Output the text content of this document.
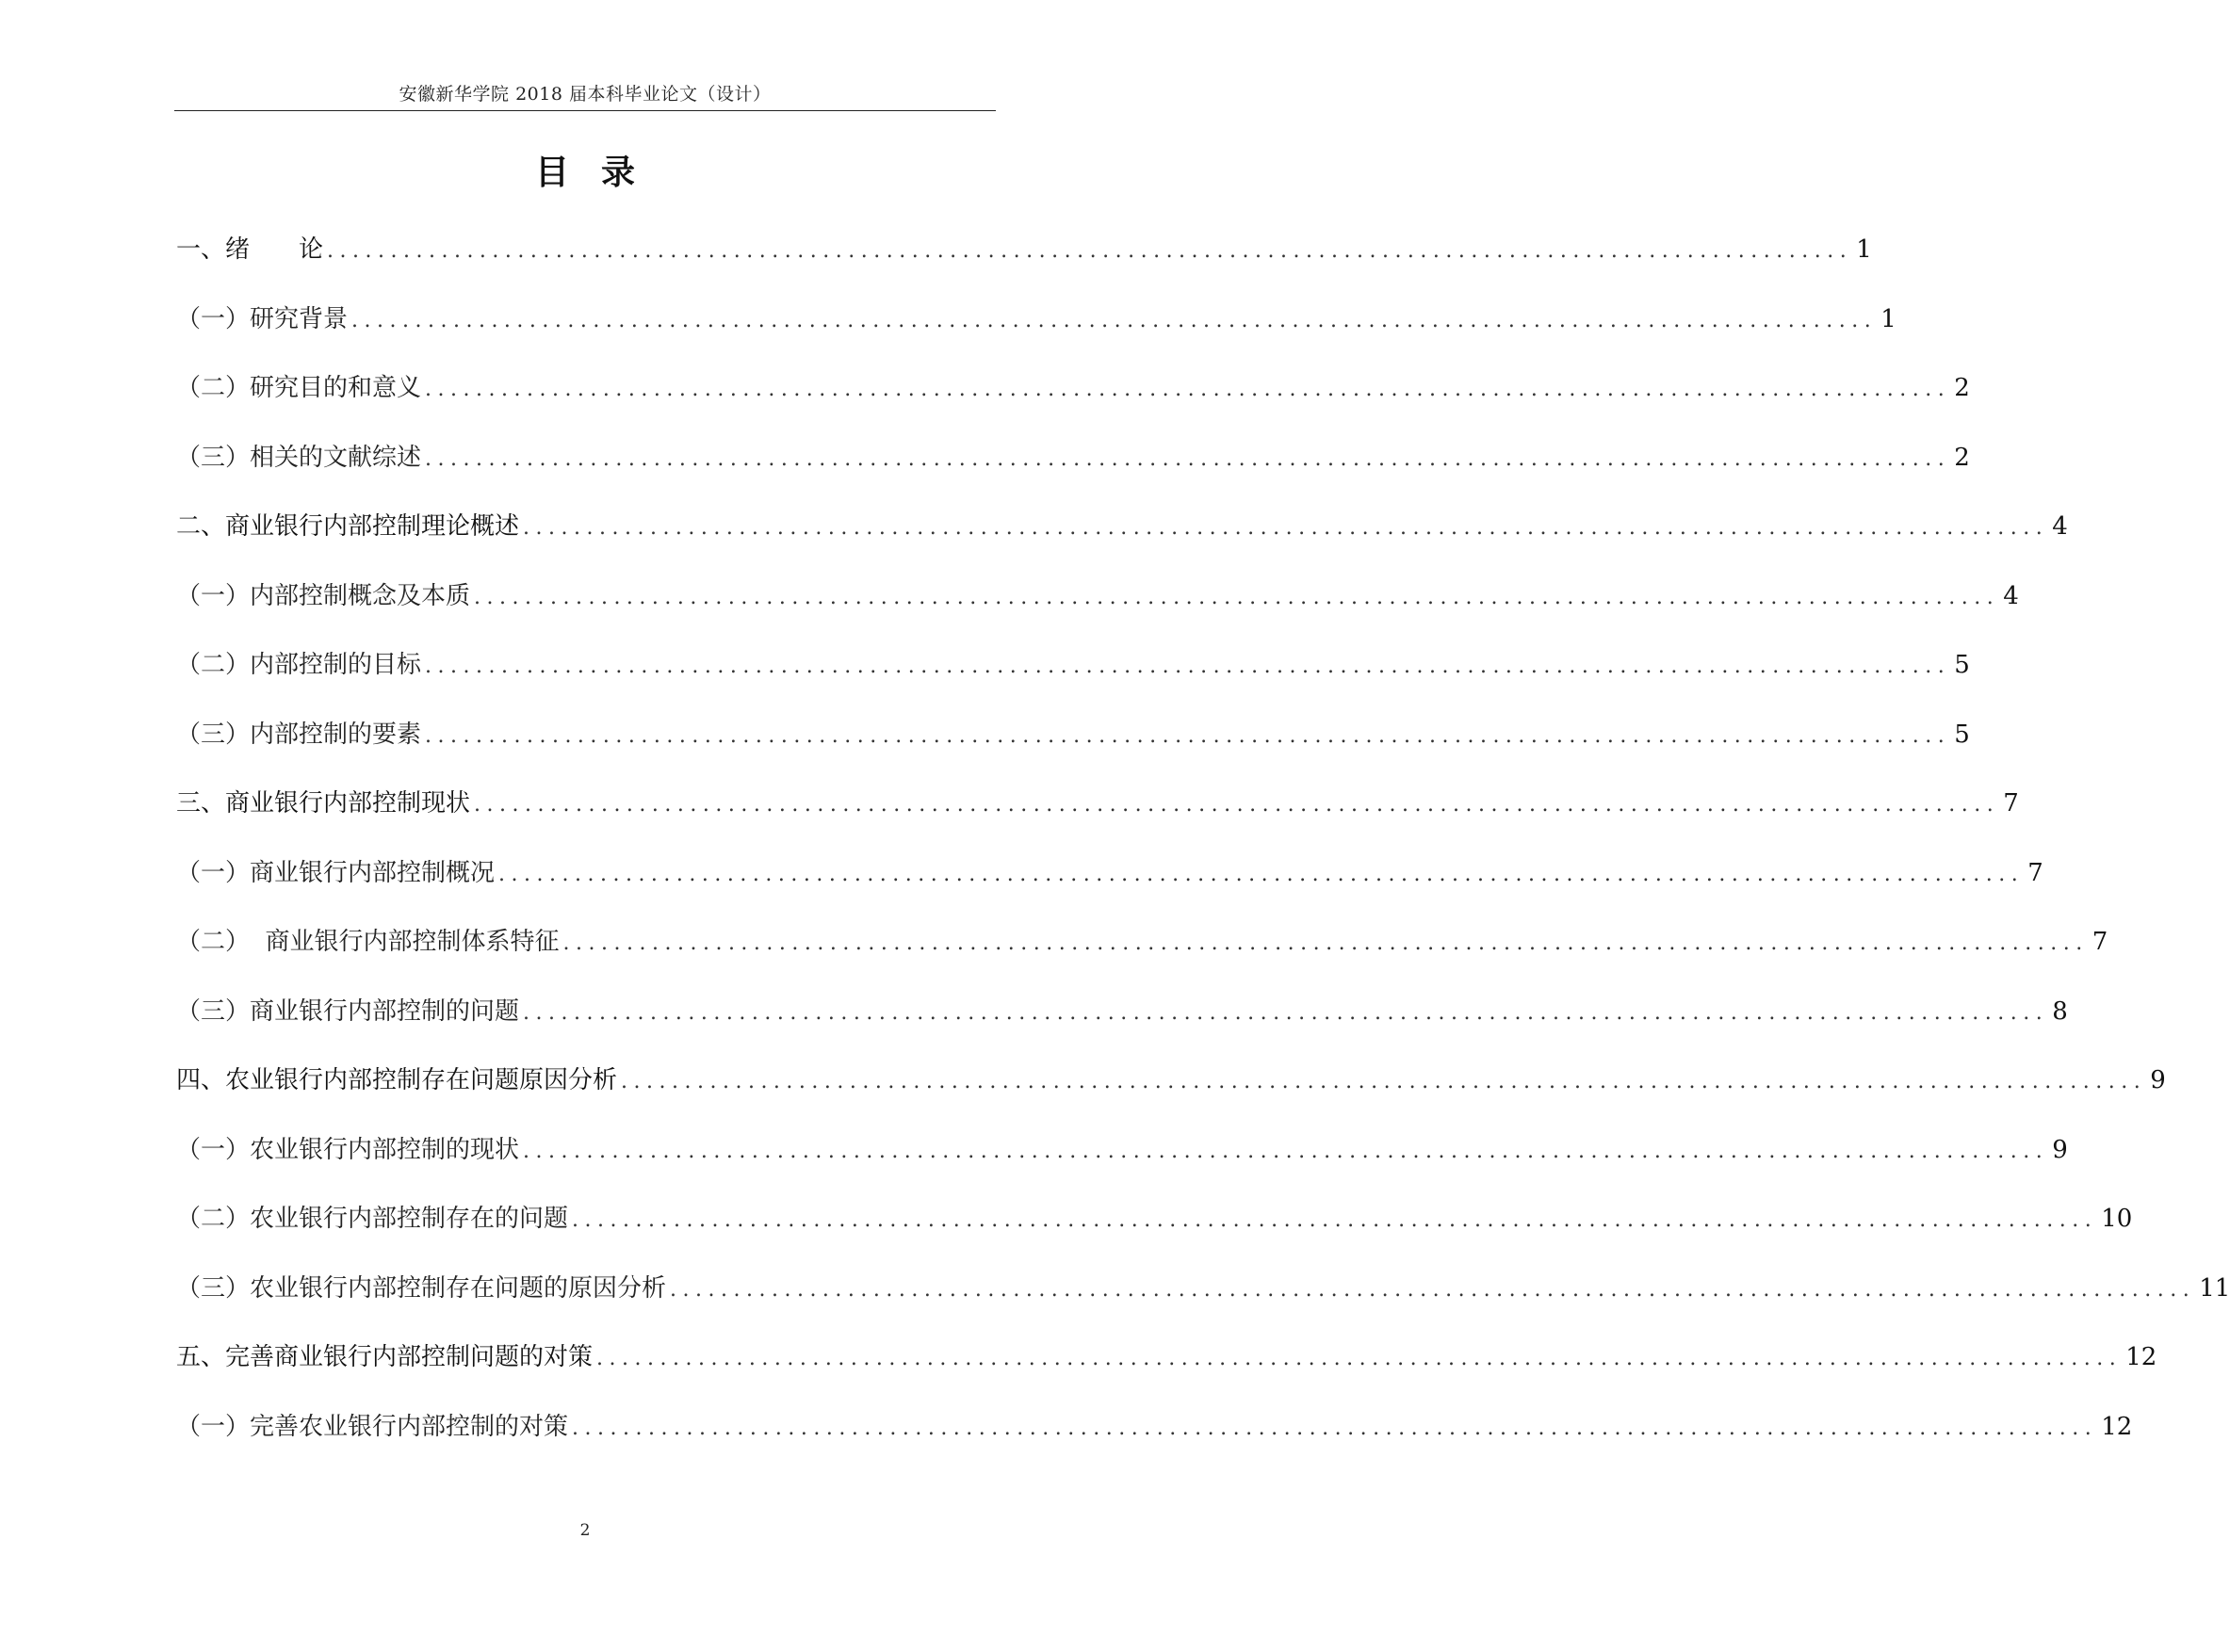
安徽新华学院 2018 届本科毕业论文（设计）
目录
一、绪　　论 ........................................................................................................................ 1
（一）研究背景 ........................................................................................................................ 1
（二）研究目的和意义 ........................................................................................................................ 2
（三）相关的文献综述 ........................................................................................................................ 2
二、商业银行内部控制理论概述 ........................................................................................................................ 4
（一）内部控制概念及本质 ........................................................................................................................ 4
（二）内部控制的目标 ........................................................................................................................ 5
（三）内部控制的要素 ........................................................................................................................ 5
三、商业银行内部控制现状 ........................................................................................................................ 7
（一）商业银行内部控制概况 ........................................................................................................................ 7
（二）  商业银行内部控制体系特征 ........................................................................................................................ 7
（三）商业银行内部控制的问题 ........................................................................................................................ 8
四、农业银行内部控制存在问题原因分析 ........................................................................................................................ 9
（一）农业银行内部控制的现状 ........................................................................................................................ 9
（二）农业银行内部控制存在的问题 ........................................................................................................................ 10
（三）农业银行内部控制存在问题的原因分析 ........................................................................................................................ 11
五、完善商业银行内部控制问题的对策 ........................................................................................................................ 12
（一）完善农业银行内部控制的对策 ........................................................................................................................ 12
2
